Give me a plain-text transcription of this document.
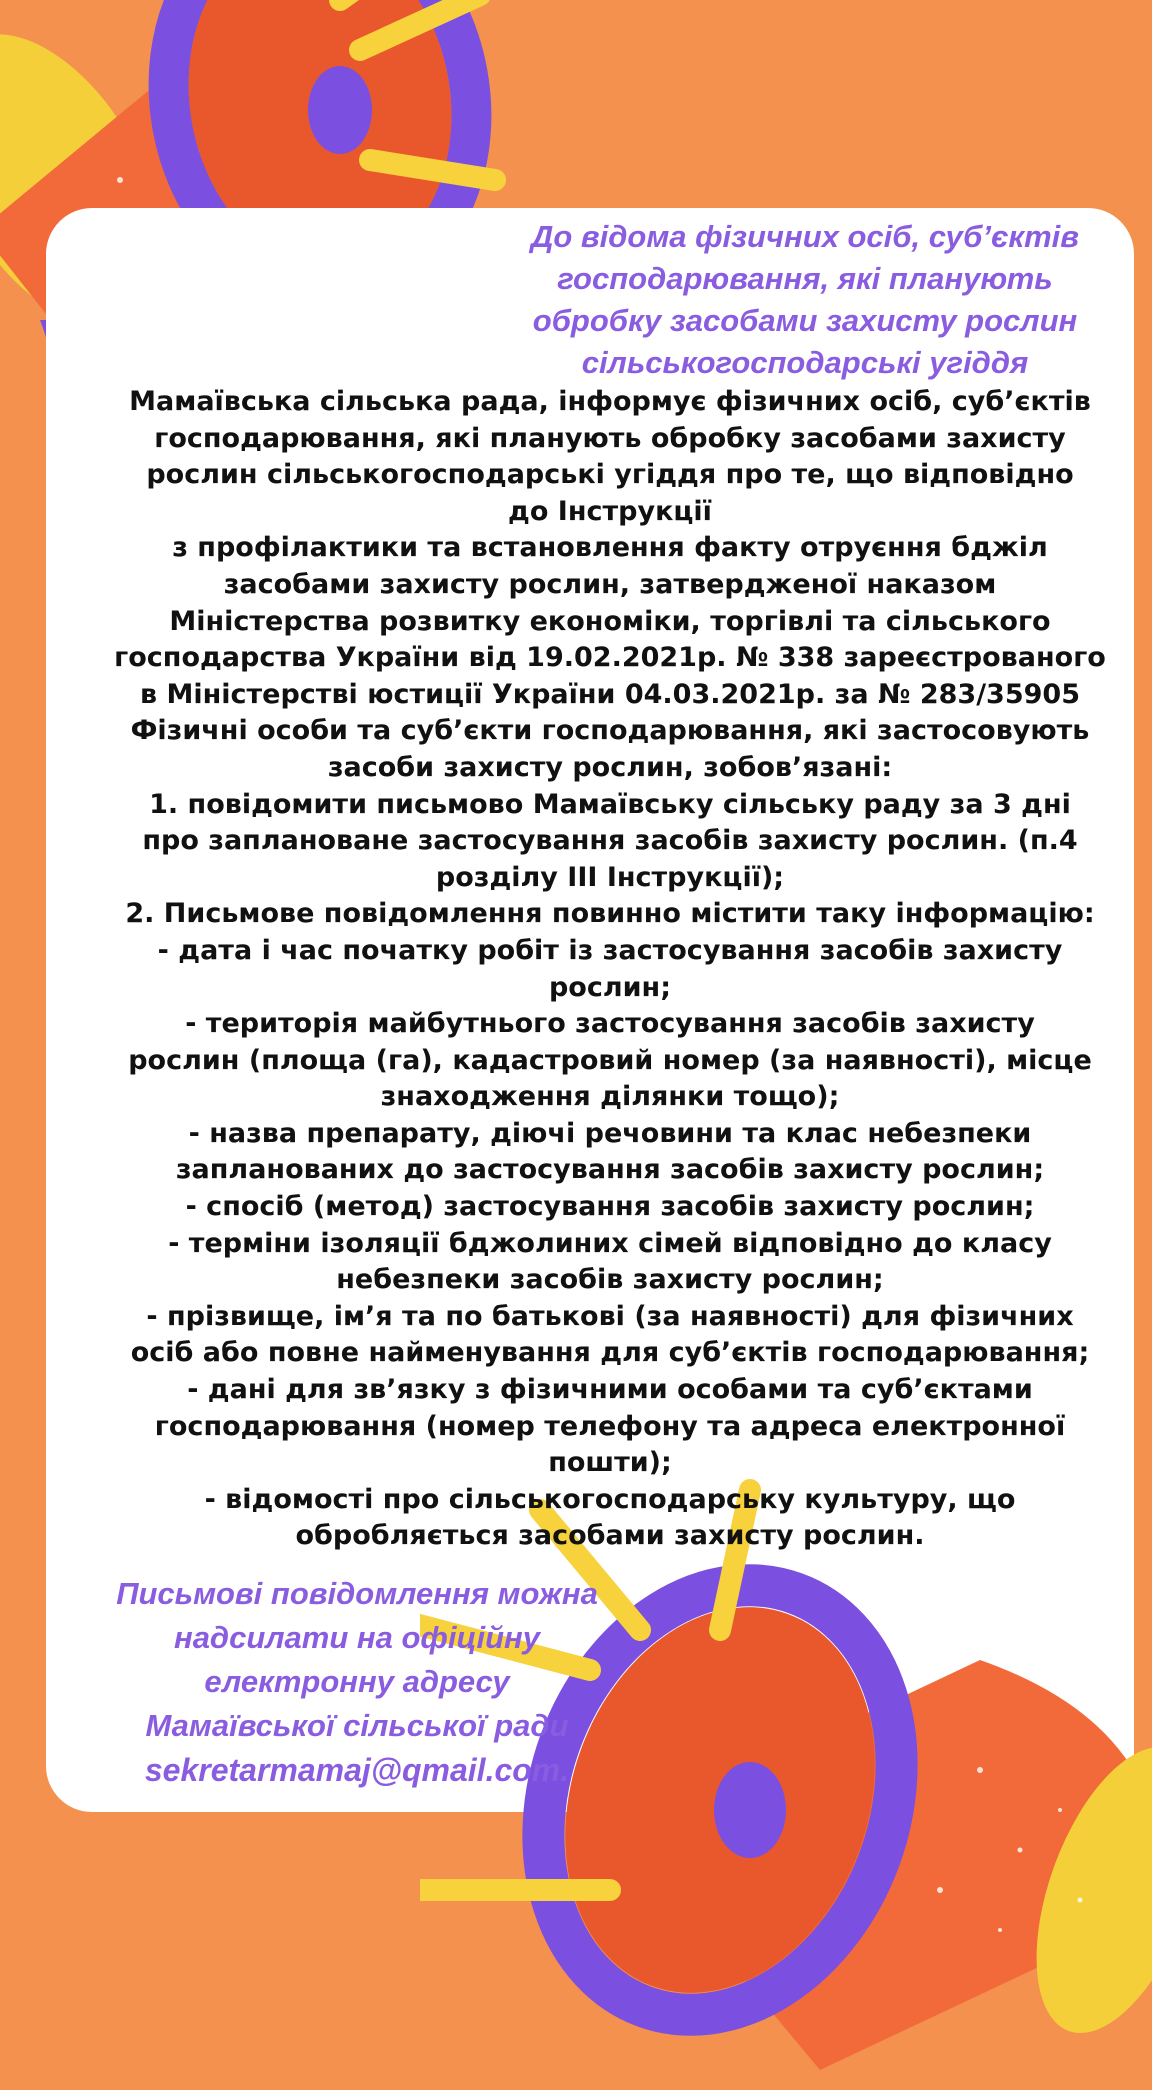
До відома фізичних осіб, суб’єктів
господарювання, які планують
обробку засобами захисту рослин
сільськогосподарські угіддя
Мамаївська сільська рада, інформує фізичних осіб, суб’єктів
господарювання, які планують обробку засобами захисту
рослин сільськогосподарські угіддя про те, що відповідно
до Інструкції
з профілактики та встановлення факту отруєння бджіл
засобами захисту рослин, затвердженої наказом
Міністерства розвитку економіки, торгівлі та сільського
господарства України від 19.02.2021р. № 338 зареєстрованого
в Міністерстві юстиції України 04.03.2021р. за № 283/35905
Фізичні особи та суб’єкти господарювання, які застосовують
засоби захисту рослин, зобов’язані:
1. повідомити письмово Мамаївську сільську раду за 3 дні
про заплановане застосування засобів захисту рослин. (п.4
розділу ІІІ Інструкції);
2. Письмове повідомлення повинно містити таку інформацію:
- дата і час початку робіт із застосування засобів захисту
рослин;
- територія майбутнього застосування засобів захисту
рослин (площа (га), кадастровий номер (за наявності), місце
знаходження ділянки тощо);
- назва препарату, діючі речовини та клас небезпеки
запланованих до застосування засобів захисту рослин;
- спосіб (метод) застосування засобів захисту рослин;
- терміни ізоляції бджолиних сімей відповідно до класу
небезпеки засобів захисту рослин;
- прізвище, ім’я та по батькові (за наявності) для фізичних
осіб або повне найменування для суб’єктів господарювання;
- дані для зв’язку з фізичними особами та суб’єктами
господарювання (номер телефону та адреса електронної
пошти);
- відомості про сільськогосподарську культуру, що
обробляється засобами захисту рослин.
Письмові повідомлення можна
надсилати на офіційну
електронну адресу
Мамаївської сільської ради
sekretarmamaj@qmail.com.
